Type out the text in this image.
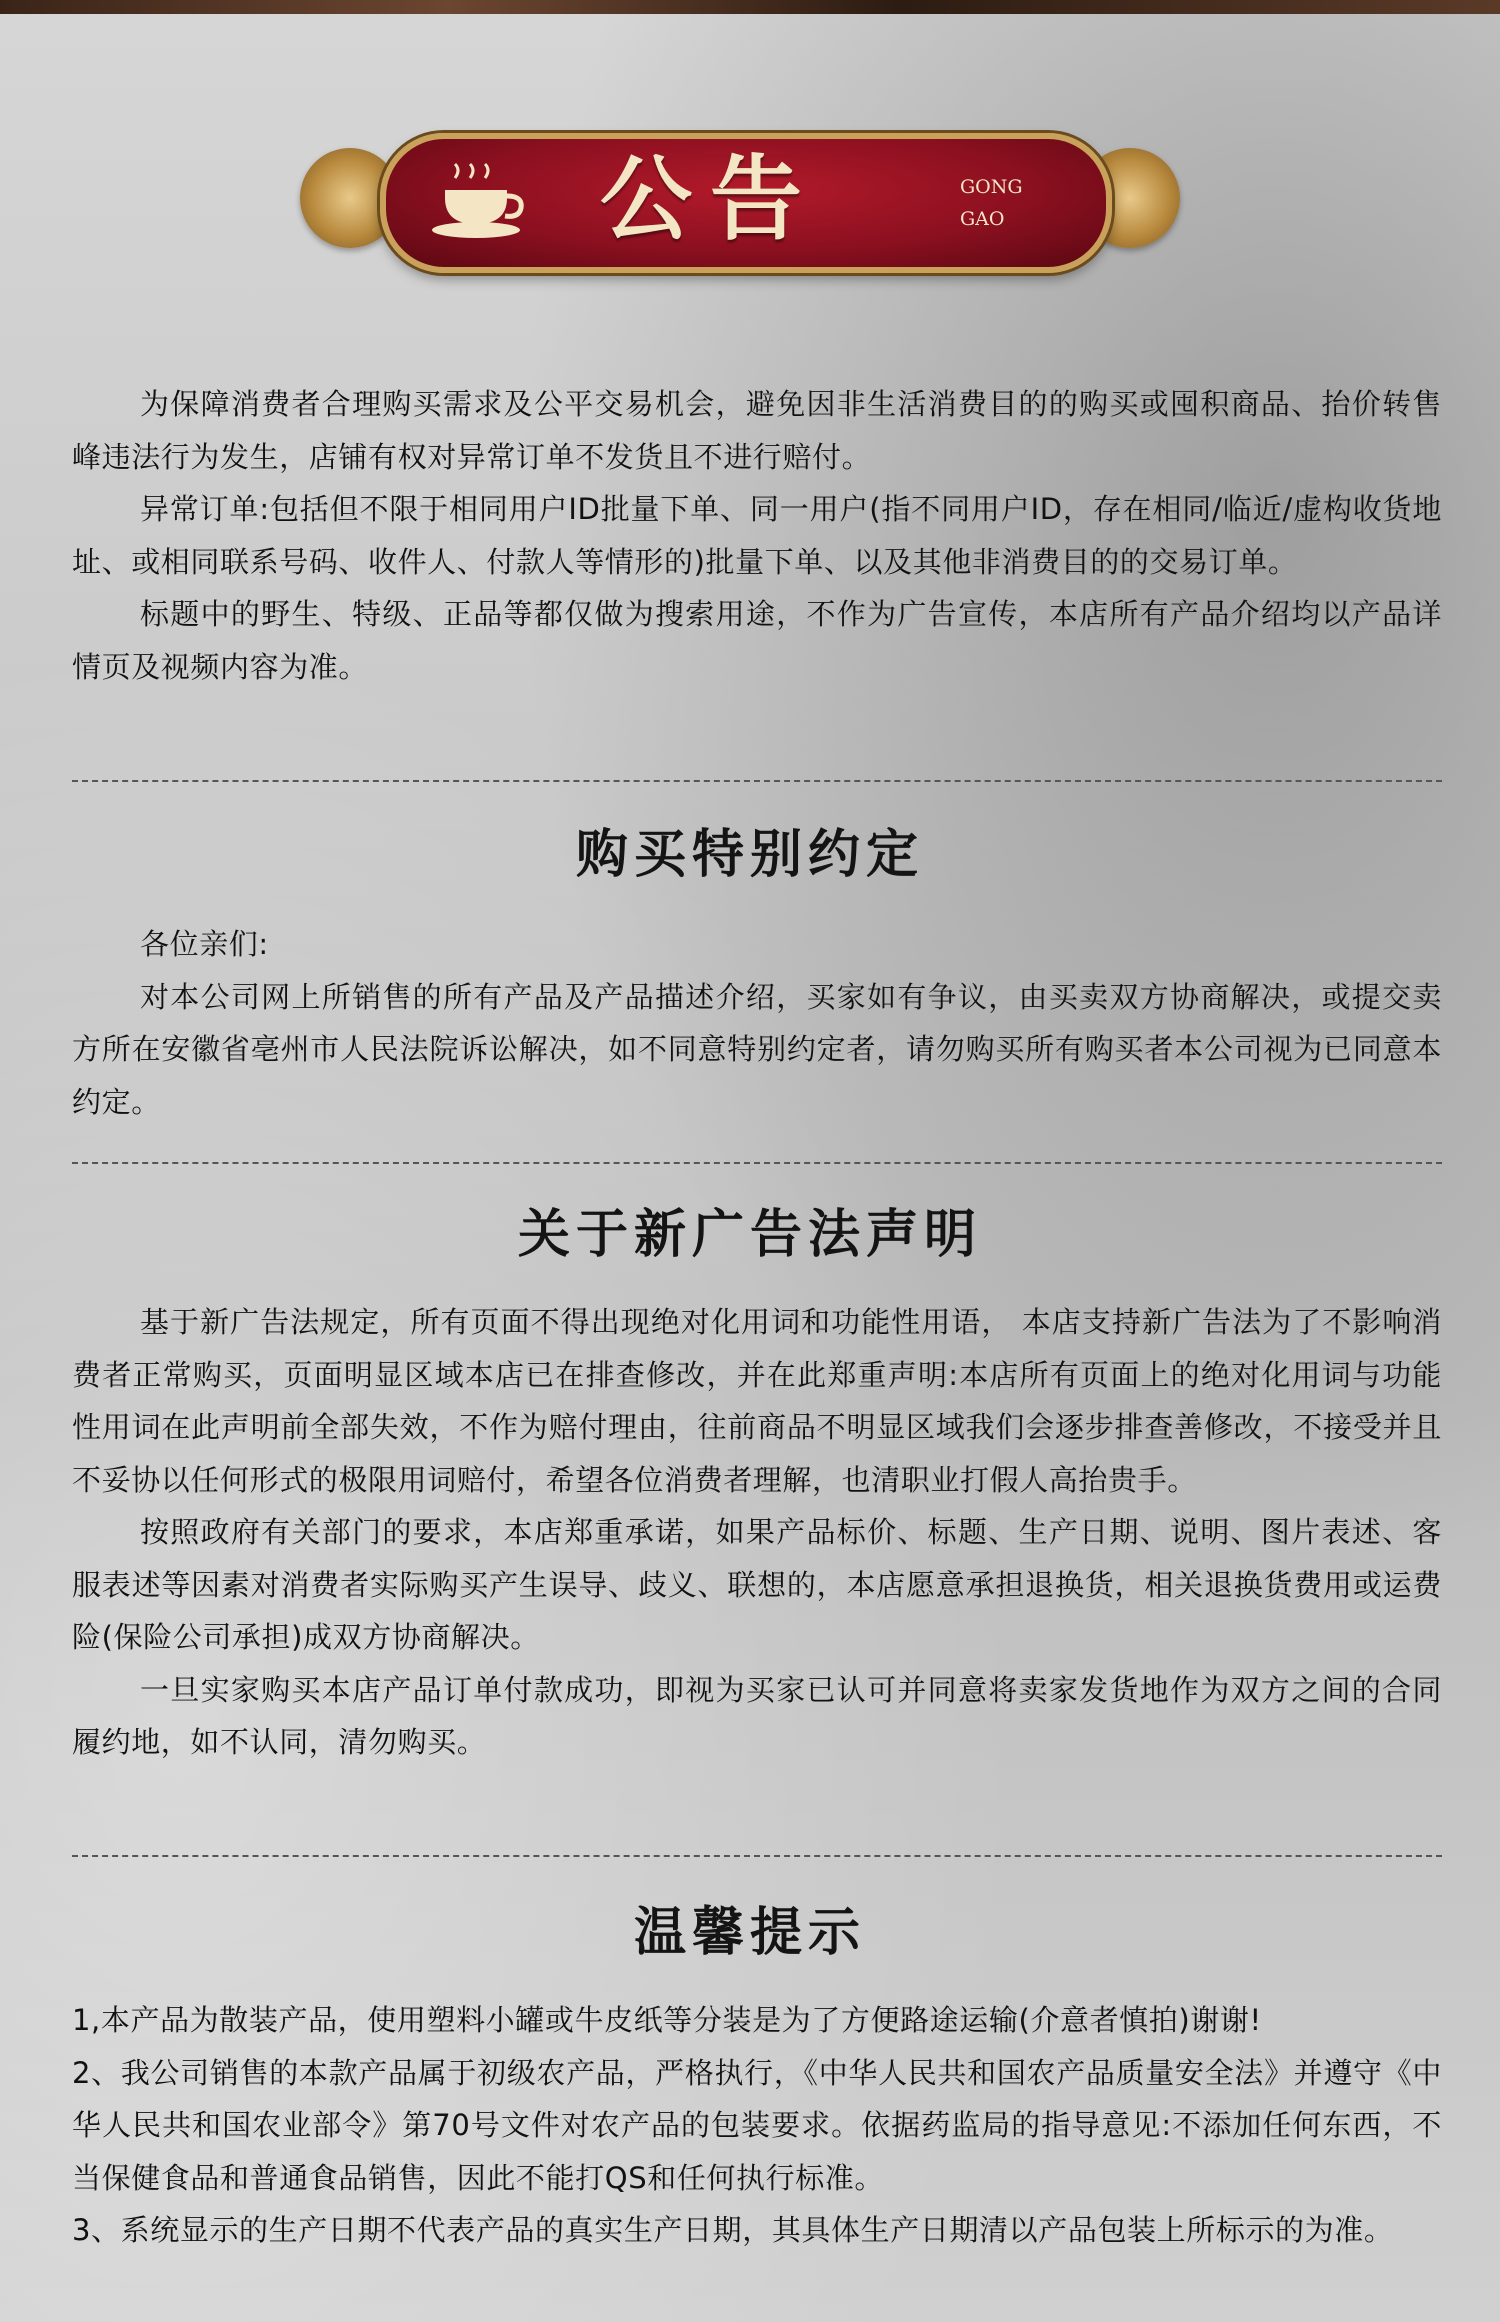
公告	GONG
GAO

为保障消费者合理购买需求及公平交易机会，避免因非生活消费目的的购买或囤积商品、抬价转售峰违法行为发生，店铺有权对异常订单不发货且不进行赔付。

异常订单:包括但不限于相同用户ID批量下单、同一用户(指不同用户ID，存在相同/临近/虚构收货地址、或相同联系号码、收件人、付款人等情形的)批量下单、以及其他非消费目的的交易订单。

标题中的野生、特级、正品等都仅做为搜索用途，不作为广告宣传，本店所有产品介绍均以产品详情页及视频内容为准。

购买特别约定

各位亲们:

对本公司网上所销售的所有产品及产品描述介绍，买家如有争议，由买卖双方协商解决，或提交卖方所在安徽省亳州市人民法院诉讼解决，如不同意特别约定者，请勿购买所有购买者本公司视为已同意本约定。

关于新广告法声明

基于新广告法规定，所有页面不得出现绝对化用词和功能性用语， 本店支持新广告法为了不影响消费者正常购买，页面明显区域本店已在排查修改，并在此郑重声明:本店所有页面上的绝对化用词与功能性用词在此声明前全部失效，不作为赔付理由，往前商品不明显区域我们会逐步排查善修改，不接受并且不妥协以任何形式的极限用词赔付，希望各位消费者理解，也清职业打假人高抬贵手。

按照政府有关部门的要求，本店郑重承诺，如果产品标价、标题、生产日期、说明、图片表述、客服表述等因素对消费者实际购买产生误导、歧义、联想的，本店愿意承担退换货，相关退换货费用或运费险(保险公司承担)成双方协商解决。

一旦实家购买本店产品订单付款成功，即视为买家已认可并同意将卖家发货地作为双方之间的合同履约地，如不认同，清勿购买。

温馨提示

1,本产品为散装产品，使用塑料小罐或牛皮纸等分装是为了方便路途运输(介意者慎拍)谢谢!

2、我公司销售的本款产品属于初级农产品，严格执行，《中华人民共和国农产品质量安全法》并遵守《中华人民共和国农业部令》第70号文件对农产品的包装要求。依据药监局的指导意见:不添加任何东西，不当保健食品和普通食品销售，因此不能打QS和任何执行标准。

3、系统显示的生产日期不代表产品的真实生产日期，其具体生产日期清以产品包装上所标示的为准。
